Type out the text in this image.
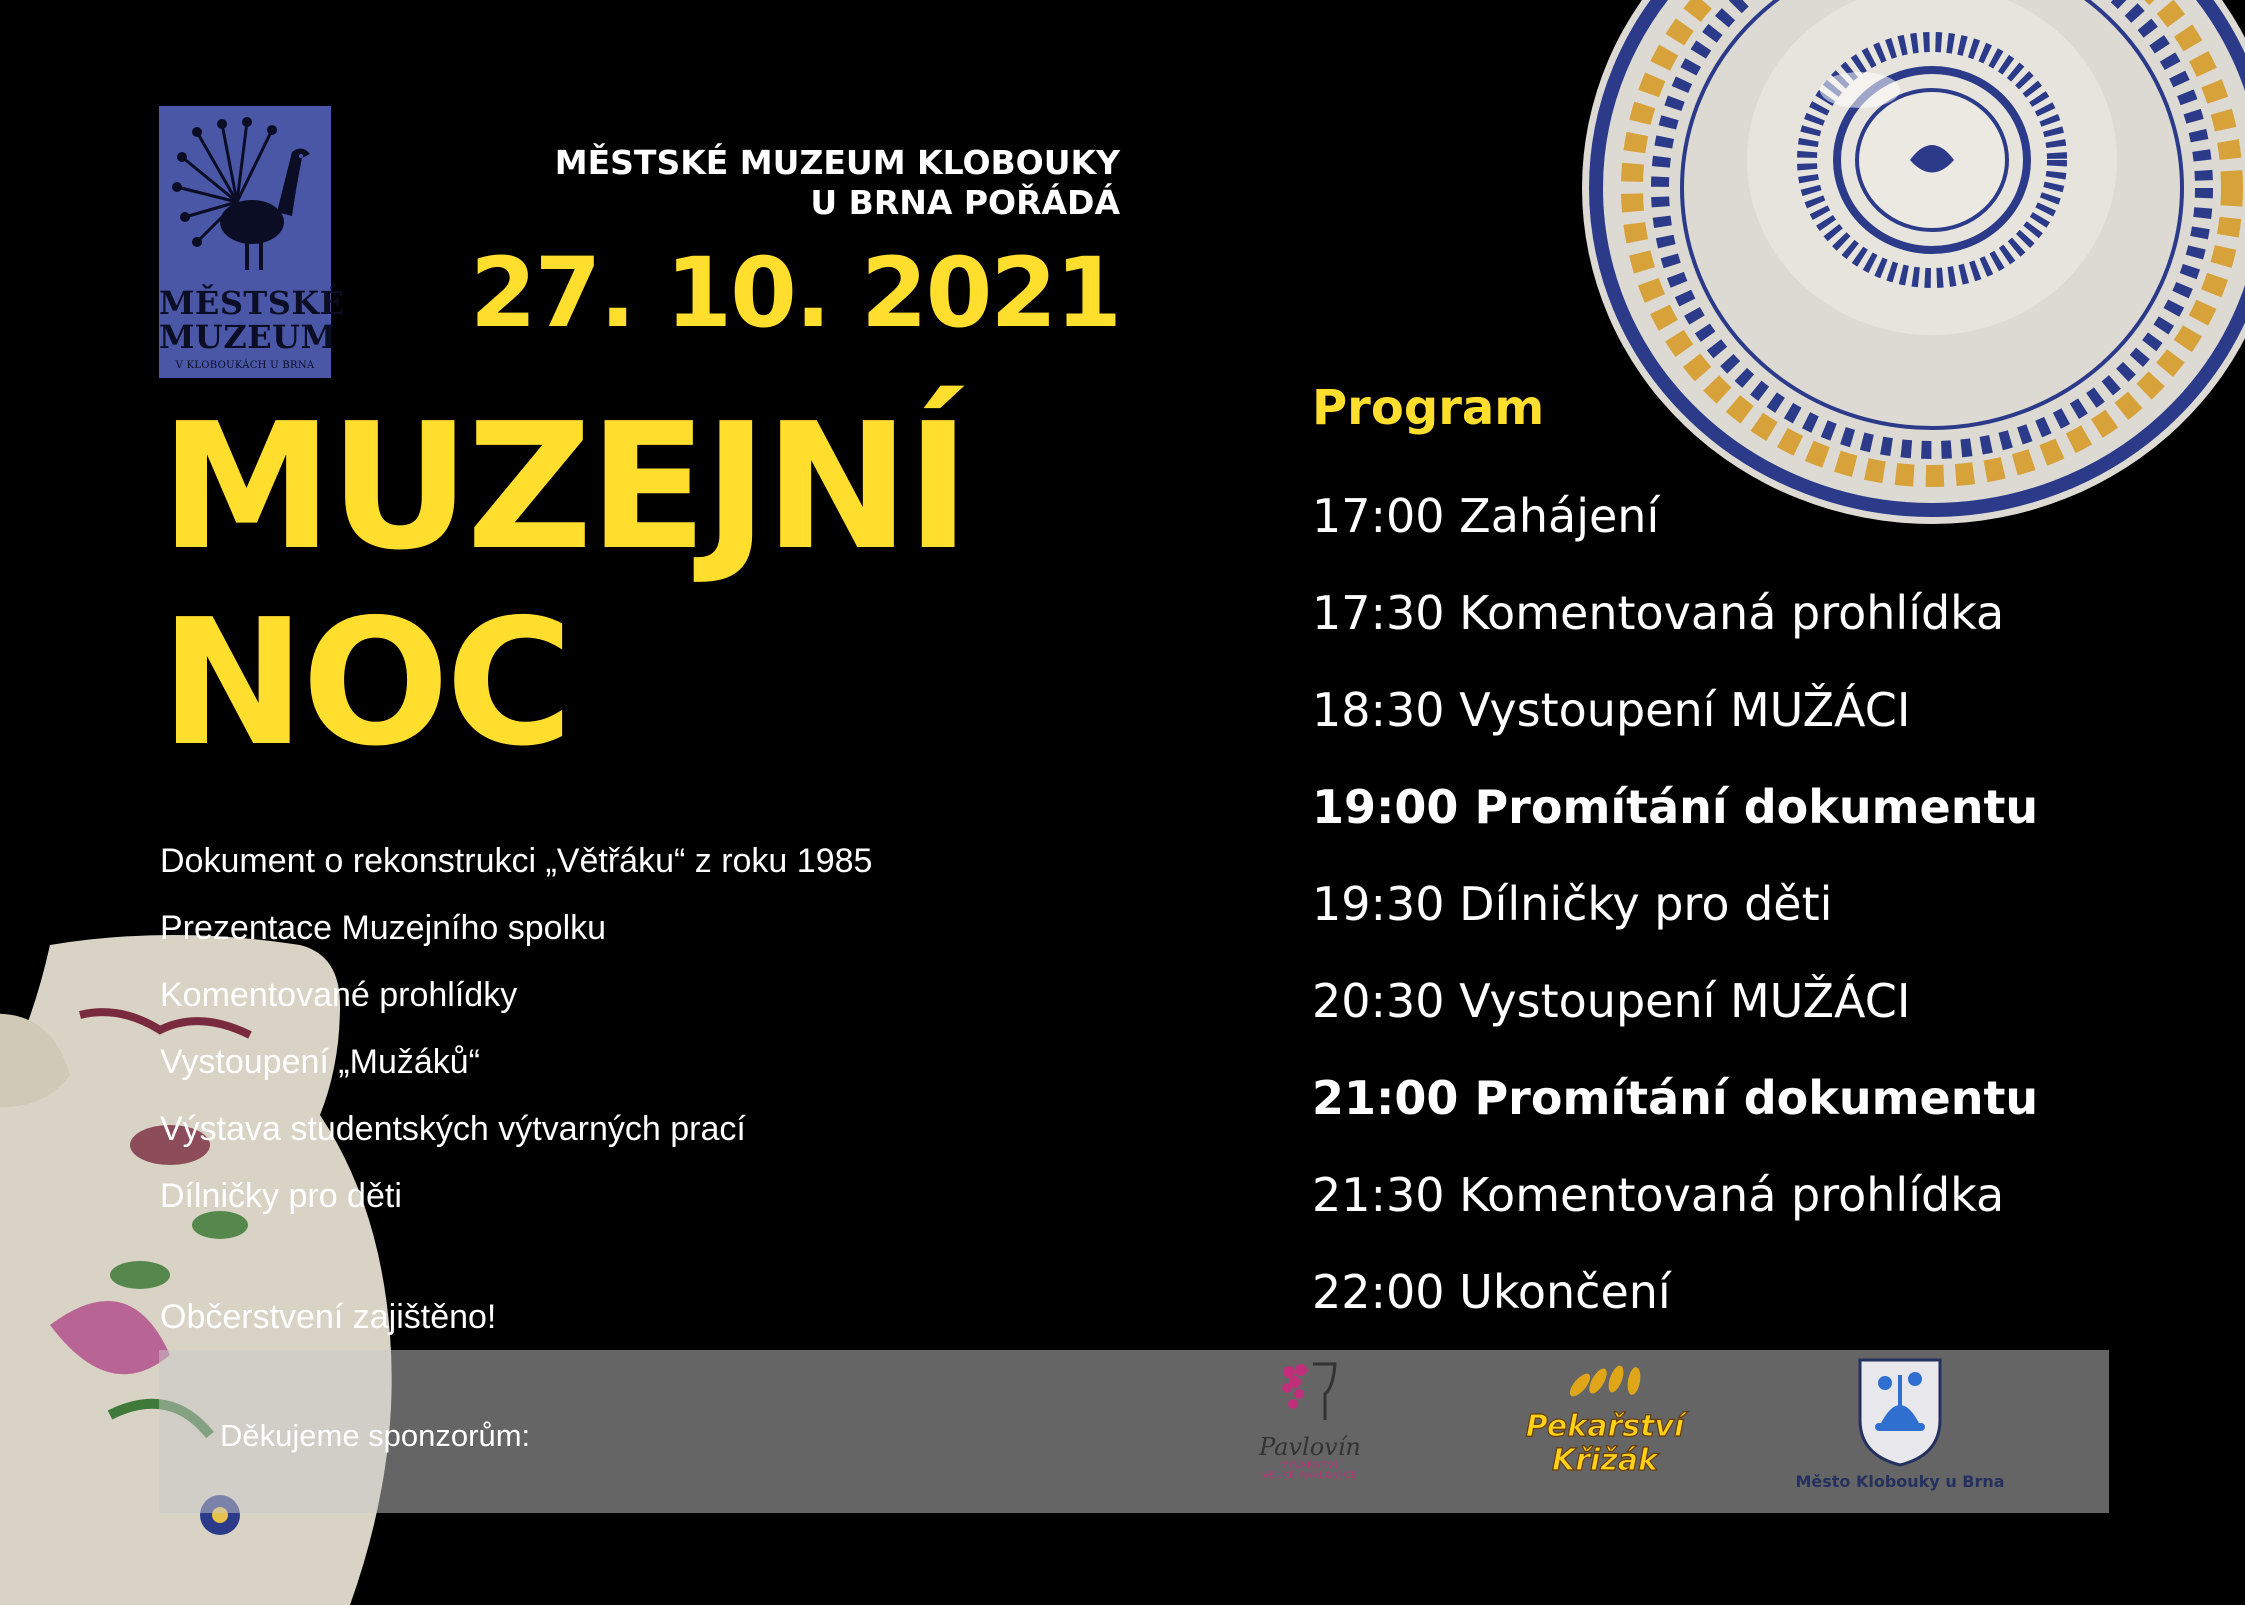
MĚSTSKÉ
MUZEUM
V KLOBOUKÁCH U BRNA
MĚSTSKÉ MUZEUM KLOBOUKY
U BRNA POŘÁDÁ
27. 10. 2021
MUZEJNÍ
NOC
Dokument o rekonstrukci „Větřáku“ z roku 1985
Prezentace Muzejního spolku
Komentované prohlídky
Vystoupení „Mužáků“
Výstava studentských výtvarných prací
Dílničky pro děti
Občerstvení zajištěno!
Program
17:00 Zahájení
17:30 Komentovaná prohlídka
18:30 Vystoupení MUŽÁCI
19:00 Promítání dokumentu
19:30 Dílničky pro děti
20:30 Vystoupení MUŽÁCI
21:00 Promítání dokumentu
21:30 Komentovaná prohlídka
22:00 Ukončení
Děkujeme sponzorům:	Pavlovín
VINAŘSTVÍ
VELKÉ PAVLOVICE
Pekařství
Křižák
Město Klobouky u Brna
